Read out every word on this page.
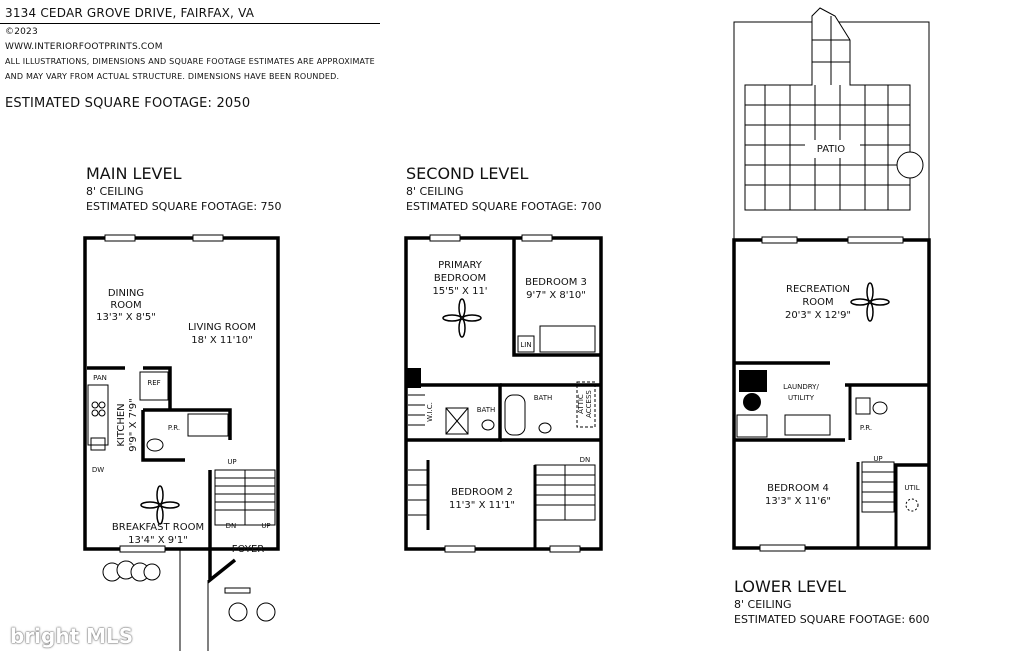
3134 CEDAR GROVE DRIVE, FAIRFAX, VA
©2023
WWW.INTERIORFOOTPRINTS.COM
ALL ILLUSTRATIONS, DIMENSIONS AND SQUARE FOOTAGE ESTIMATES ARE APPROXIMATE
AND MAY VARY FROM ACTUAL STRUCTURE. DIMENSIONS HAVE BEEN ROUNDED.
ESTIMATED SQUARE FOOTAGE: 2050
MAIN LEVEL
8' CEILING
ESTIMATED SQUARE FOOTAGE: 750
SECOND LEVEL
8' CEILING
ESTIMATED SQUARE FOOTAGE: 700
LOWER LEVEL
8' CEILING
ESTIMATED SQUARE FOOTAGE: 600
DINING
ROOM
13'3" X 8'5"
LIVING ROOM
18' X 11'10"
PAN
REF
KITCHEN 9'9" X 7'9"	P.R.
DW
BREAKFAST ROOM
13'4" X 9'1"
UP
DN	UP
FOYER
PRIMARY
BEDROOM
15'5" X 11'
BEDROOM 3
9'7" X 8'10"
LIN
W.I.C.	BATH
BATH	ATTIC ACCESS
BEDROOM 2
11'3" X 11'1"
DN
PATIO
RECREATION
ROOM
20'3" X 12'9"
LAUNDRY/
UTILITY
P.R.
UP
BEDROOM 4
13'3" X 11'6"
UTIL
bright MLS
